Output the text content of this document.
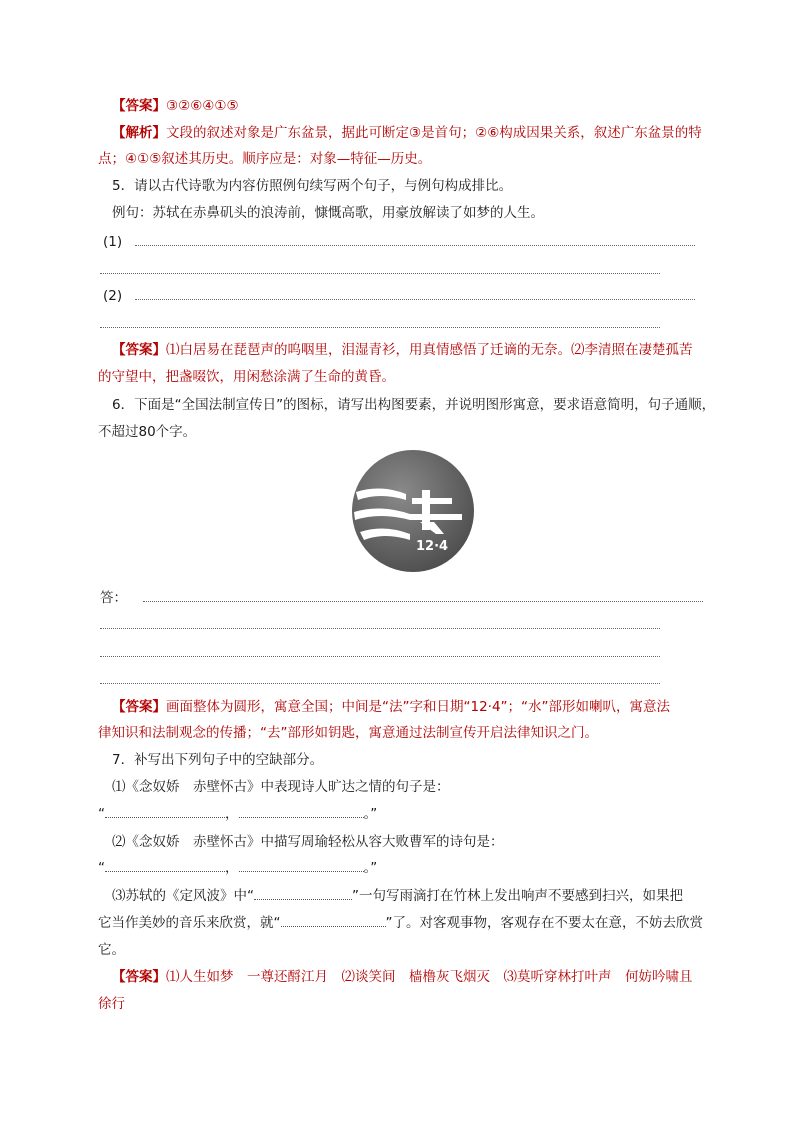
【答案】③②⑥④①⑤
【解析】文段的叙述对象是广东盆景，据此可断定③是首句；②⑥构成因果关系，叙述广东盆景的特
点；④①⑤叙述其历史。顺序应是：对象—特征—历史。
5．请以古代诗歌为内容仿照例句续写两个句子，与例句构成排比。
例句：苏轼在赤鼻矶头的浪涛前，慷慨高歌，用豪放解读了如梦的人生。
(1)
(2)
【答案】⑴白居易在琵琶声的呜咽里，泪湿青衫，用真情感悟了迁谪的无奈。⑵李清照在凄楚孤苦
的守望中，把盏啜饮，用闲愁涂满了生命的黄昏。
6．下面是“全国法制宣传日”的图标，请写出构图要素，并说明图形寓意，要求语意简明，句子通顺，
不超过80个字。
12·4
法
答：
【答案】画面整体为圆形，寓意全国；中间是“法”字和日期“12·4”；“水”部形如喇叭，寓意法
律知识和法制观念的传播；“去”部形如钥匙，寓意通过法制宣传开启法律知识之门。
7．补写出下列句子中的空缺部分。
⑴《念奴娇　赤壁怀古》中表现诗人旷达之情的句子是：
“	，	。”
⑵《念奴娇　赤壁怀古》中描写周瑜轻松从容大败曹军的诗句是：
“	，	。”
⑶苏轼的《定风波》中“	”一句写雨滴打在竹林上发出响声不要感到扫兴，如果把
它当作美妙的音乐来欣赏，就“	”了。对客观事物，客观存在不要太在意，不妨去欣赏
它。
【答案】⑴人生如梦　一尊还酹江月　⑵谈笑间　樯橹灰飞烟灭　⑶莫听穿林打叶声　何妨吟啸且
徐行
